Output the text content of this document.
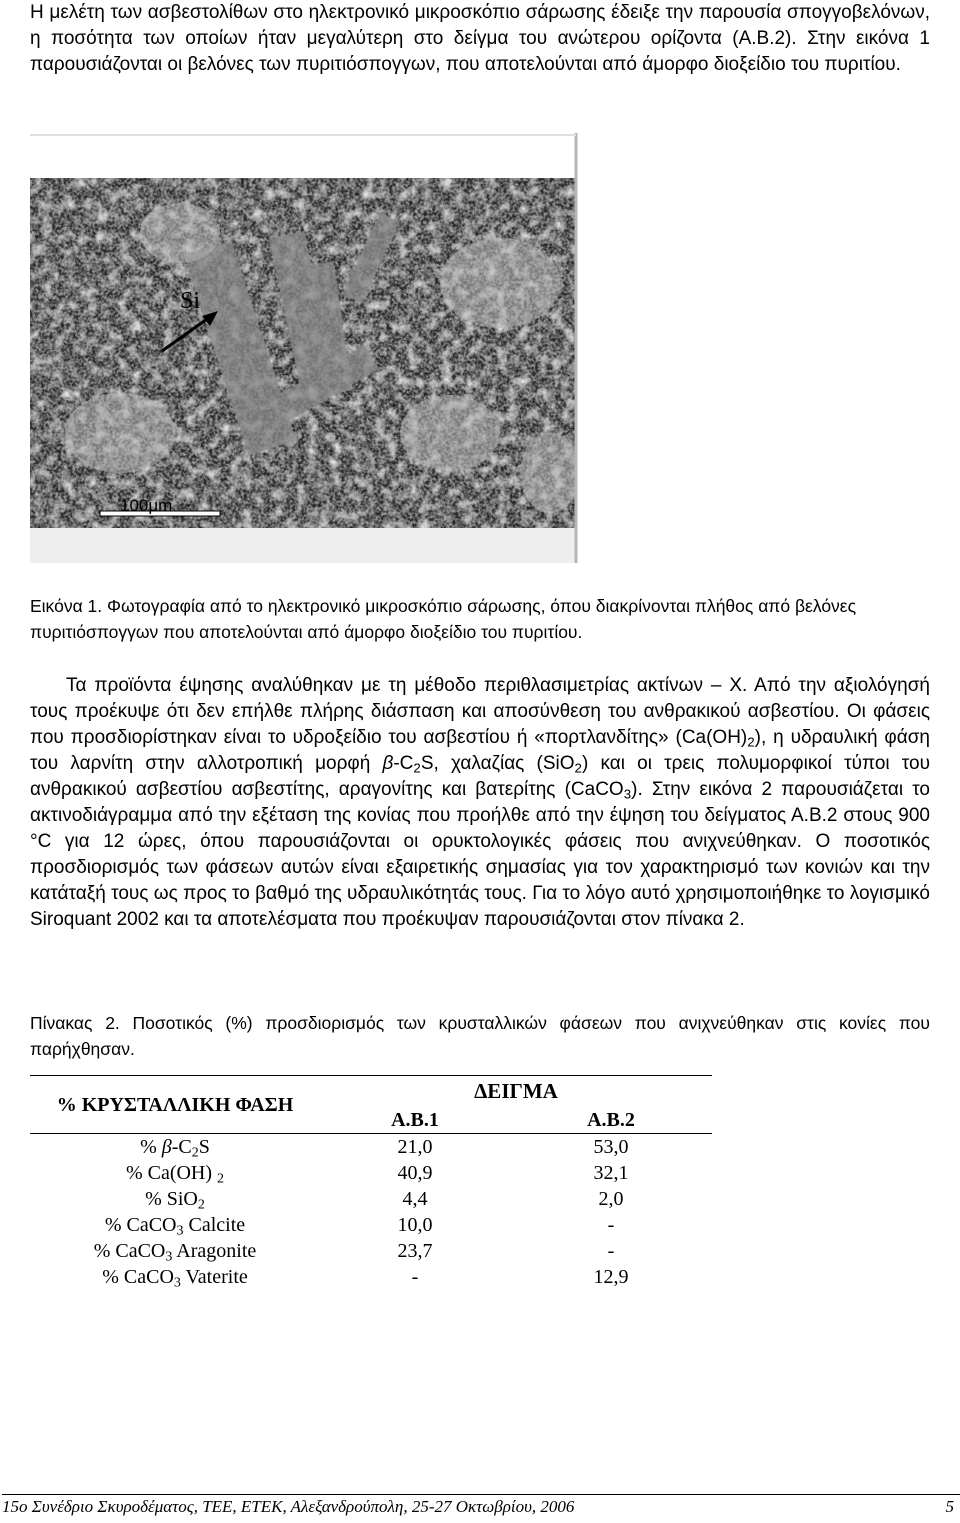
Η μελέτη των ασβεστολίθων στο ηλεκτρονικό μικροσκόπιο σάρωσης έδειξε την παρουσία σπογγοβελόνων, η ποσότητα των οποίων ήταν μεγαλύτερη στο δείγμα του ανώτερου ορίζοντα (A.B.2). Στην εικόνα 1 παρουσιάζονται οι βελόνες των πυριτιόσπογγων, που αποτελούνται από άμορφο διοξείδιο του πυριτίου.

Si
100μm

Εικόνα 1. Φωτογραφία από το ηλεκτρονικό μικροσκόπιο σάρωσης, όπου διακρίνονται πλήθος από βελόνες πυριτιόσπογγων που αποτελούνται από άμορφο διοξείδιο του πυριτίου.

Τα προϊόντα έψησης αναλύθηκαν με τη μέθοδο περιθλασιμετρίας ακτίνων – Χ. Από την αξιολόγησή τους προέκυψε ότι δεν επήλθε πλήρης διάσπαση και αποσύνθεση του ανθρακικού ασβεστίου. Οι φάσεις που προσδιορίστηκαν είναι το υδροξείδιο του ασβεστίου ή «πορτλανδίτης» $(Ca(OH)_2)$, η υδραυλική φάση του λαρνίτη στην αλλοτροπική μορφή $\beta-C_2S$, χαλαζίας (SiO$_2$) και οι τρεις πολυμορφικοί τύποι του ανθρακικού ασβεστίου ασβεστίτης, αραγονίτης και βατερίτης (CaCO$_3$). Στην εικόνα 2 παρουσιάζεται το ακτινοδιάγραμμα από την εξέταση της κονίας που προήλθε από την έψηση του δείγματος Α.Β.2 στους 900 °C για 12 ώρες, όπου παρουσιάζονται οι ορυκτολογικές φάσεις που ανιχνεύθηκαν. Ο ποσοτικός προσδιορισμός των φάσεων αυτών είναι εξαιρετικής σημασίας για τον χαρακτηρισμό των κονιών και την κατάταξή τους ως προς το βαθμό της υδραυλικότητάς τους. Για το λόγο αυτό χρησιμοποιήθηκε το λογισμικό Siroquant 2002 και τα αποτελέσματα που προέκυψαν παρουσιάζονται στον πίνακα 2.

Πίνακας 2. Ποσοτικός (%) προσδιορισμός των κρυσταλλικών φάσεων που ανιχνεύθηκαν στις κονίες που παρήχθησαν.

% ΚΡΥΣΤΑΛΛΙΚΗ ΦΑΣΗ	ΔΕΙΓΜΑ	
	A.B.1	A.B.2
% $\beta-C_2S$	21,0	53,0
% Ca(OH) $_2$	40,9	32,1
% SiO$_2$	4,4	2,0
% CaCO$_3$ Calcite	10,0	-
% CaCO$_3$ Aragonite	23,7	-
% CaCO$_3$ Vaterite	-	12,9
15ο Συνέδριο Σκυροδέματος, ΤΕΕ, ΕΤΕΚ, Αλεξανδρούπολη, 25-27 Οκτωβρίου, 2006	5
